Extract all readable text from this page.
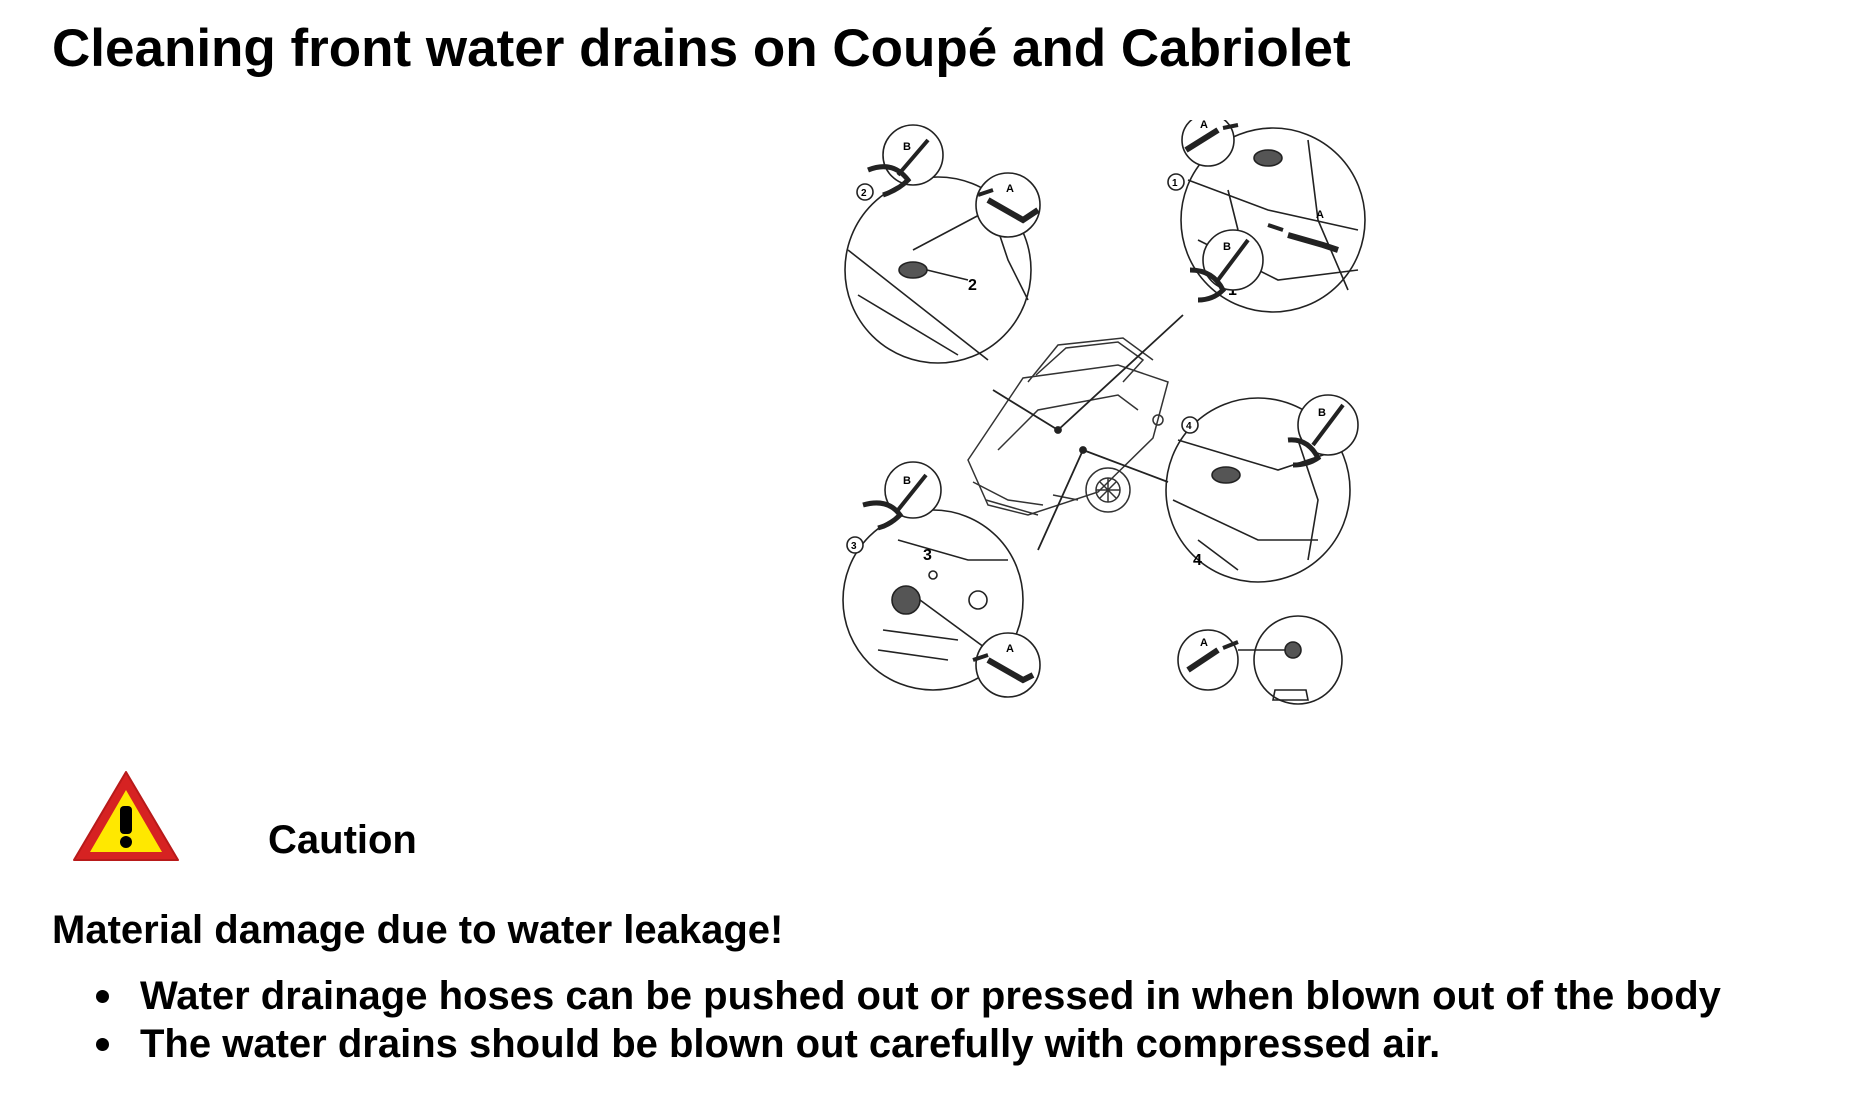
Cleaning front water drains on Coupé and Cabriolet
2
B
2	A
A
1
B
A
3
B
3
A
4
4
B
A
Caution
Material damage due to water leakage!
Water drainage hoses can be pushed out or pressed in when blown out of the body
The water drains should be blown out carefully with compressed air.
